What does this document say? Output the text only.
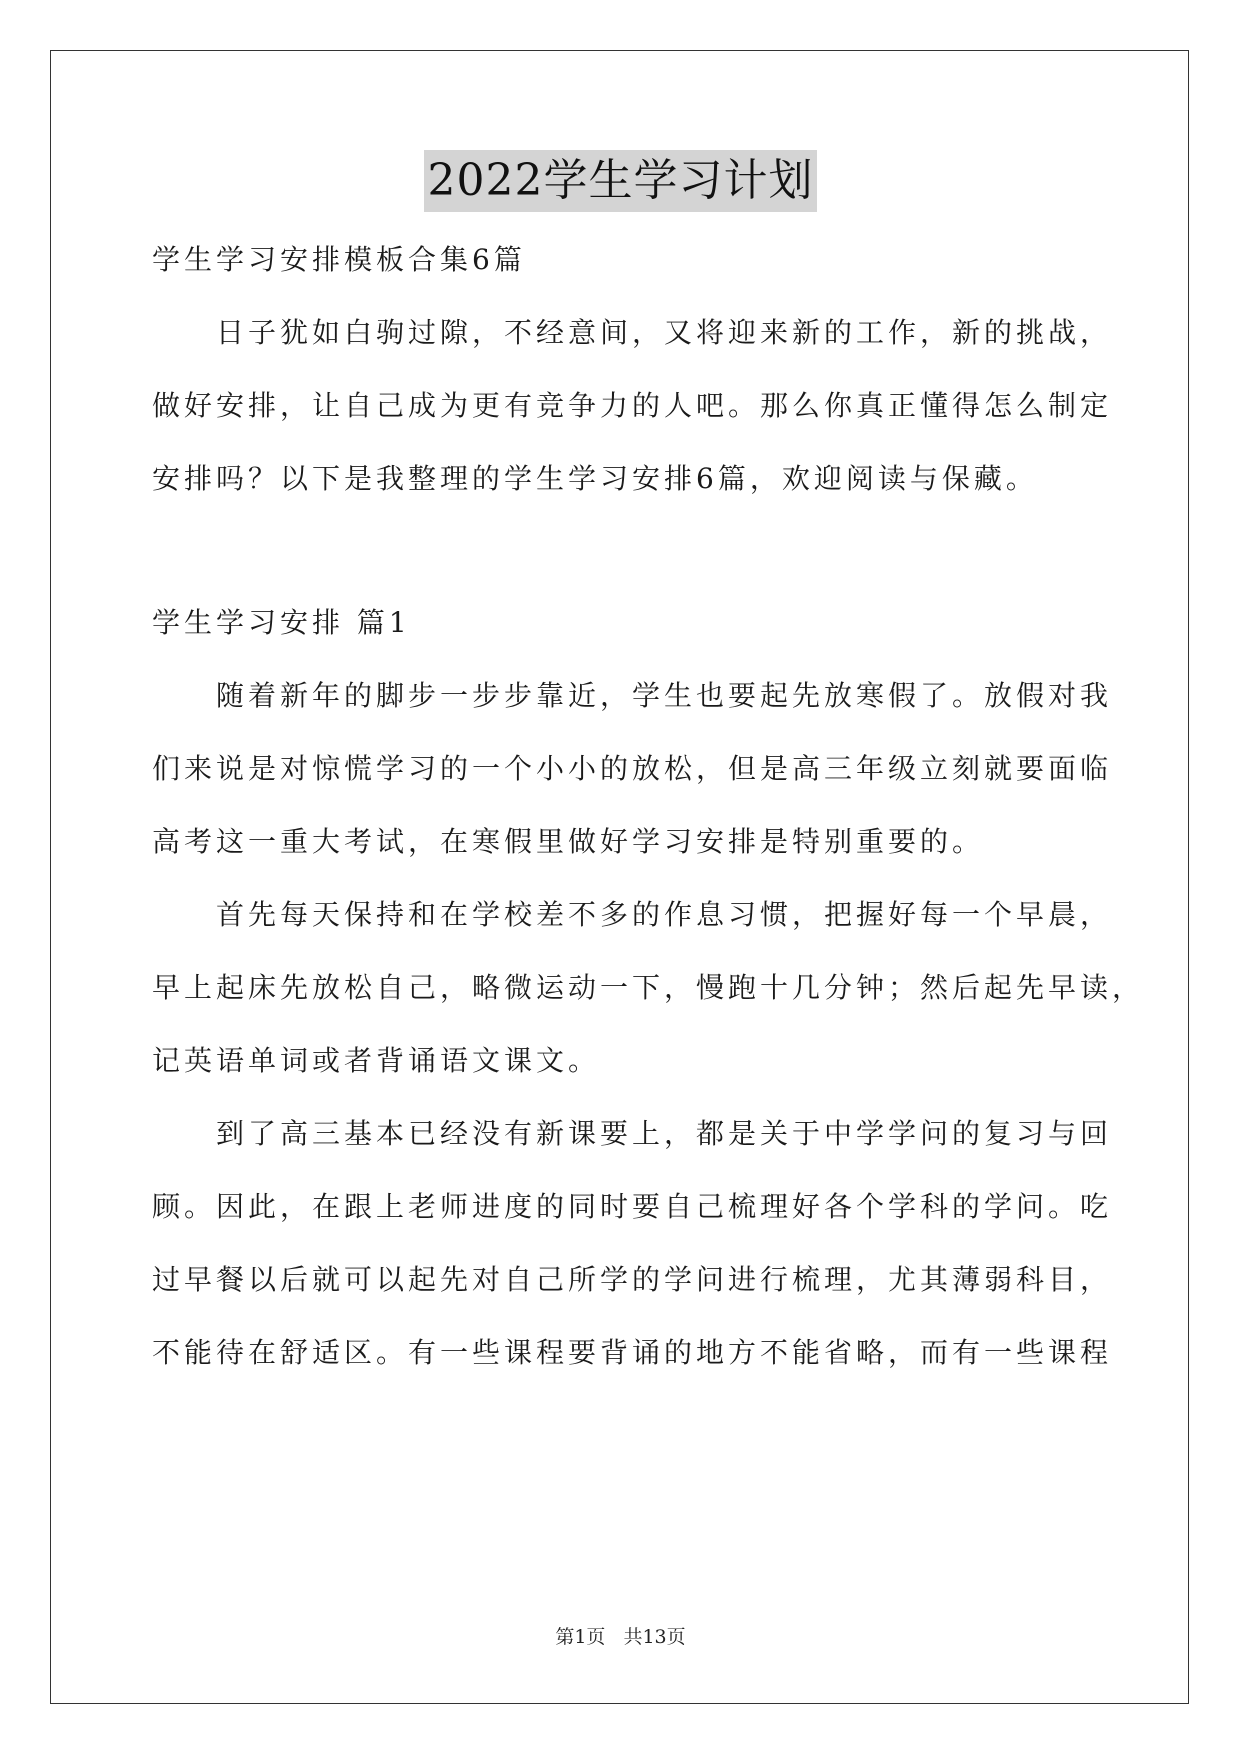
2022学生学习计划
学生学习安排模板合集6篇
日子犹如白驹过隙，不经意间，又将迎来新的工作，新的挑战，
做好安排，让自己成为更有竞争力的人吧。那么你真正懂得怎么制定
安排吗？以下是我整理的学生学习安排6篇，欢迎阅读与保藏。
学生学习安排 篇1
随着新年的脚步一步步靠近，学生也要起先放寒假了。放假对我
们来说是对惊慌学习的一个小小的放松，但是高三年级立刻就要面临
高考这一重大考试，在寒假里做好学习安排是特别重要的。
首先每天保持和在学校差不多的作息习惯，把握好每一个早晨，
早上起床先放松自己，略微运动一下，慢跑十几分钟；然后起先早读，
记英语单词或者背诵语文课文。
到了高三基本已经没有新课要上，都是关于中学学问的复习与回
顾。因此，在跟上老师进度的同时要自己梳理好各个学科的学问。吃
过早餐以后就可以起先对自己所学的学问进行梳理，尤其薄弱科目，
不能待在舒适区。有一些课程要背诵的地方不能省略，而有一些课程
第1页 共13页
